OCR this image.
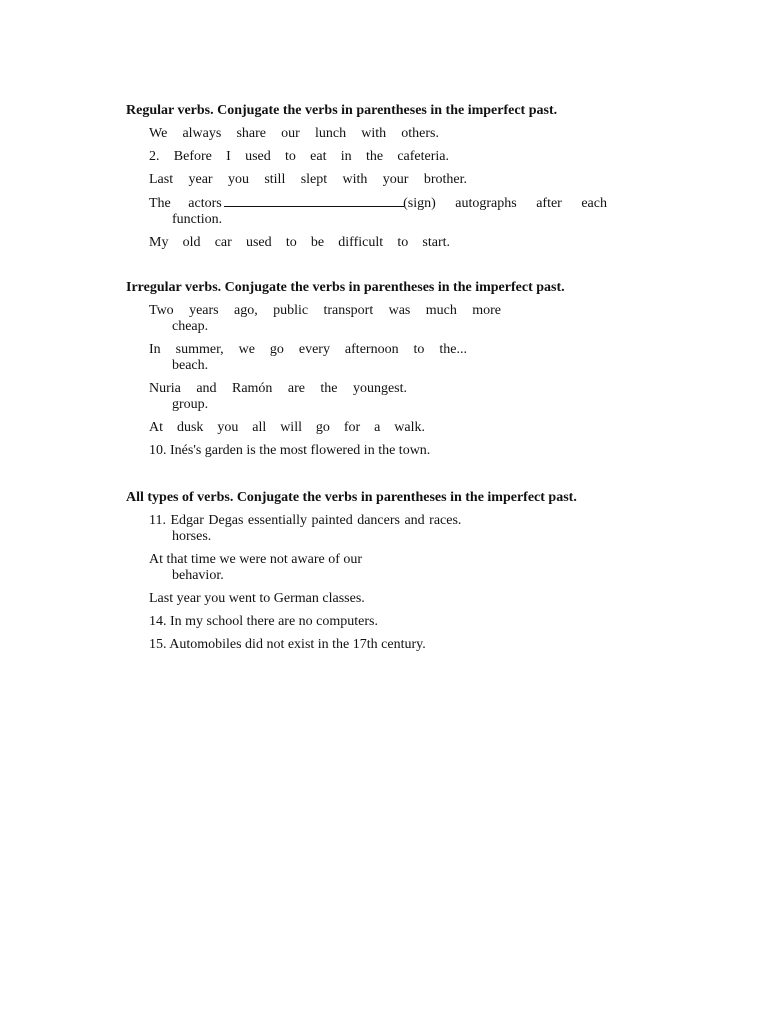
Regular verbs. Conjugate the verbs in parentheses in the imperfect past.
We always share our lunch with others.
2. Before I used to eat in the cafeteria.
Last year you still slept with your brother.
The actors	(sign) autographs after each
function.
My old car used to be difficult to start.
Irregular verbs. Conjugate the verbs in parentheses in the imperfect past.
Two years ago, public transport was much more
cheap.
In summer, we go every afternoon to the...
beach.
Nuria and Ramón are the youngest.
group.
At dusk you all will go for a walk.
10. Inés's garden is the most flowered in the town.
All types of verbs. Conjugate the verbs in parentheses in the imperfect past.
11. Edgar Degas essentially painted dancers and races.
horses.
At that time we were not aware of our
behavior.
Last year you went to German classes.
14. In my school there are no computers.
15. Automobiles did not exist in the 17th century.
